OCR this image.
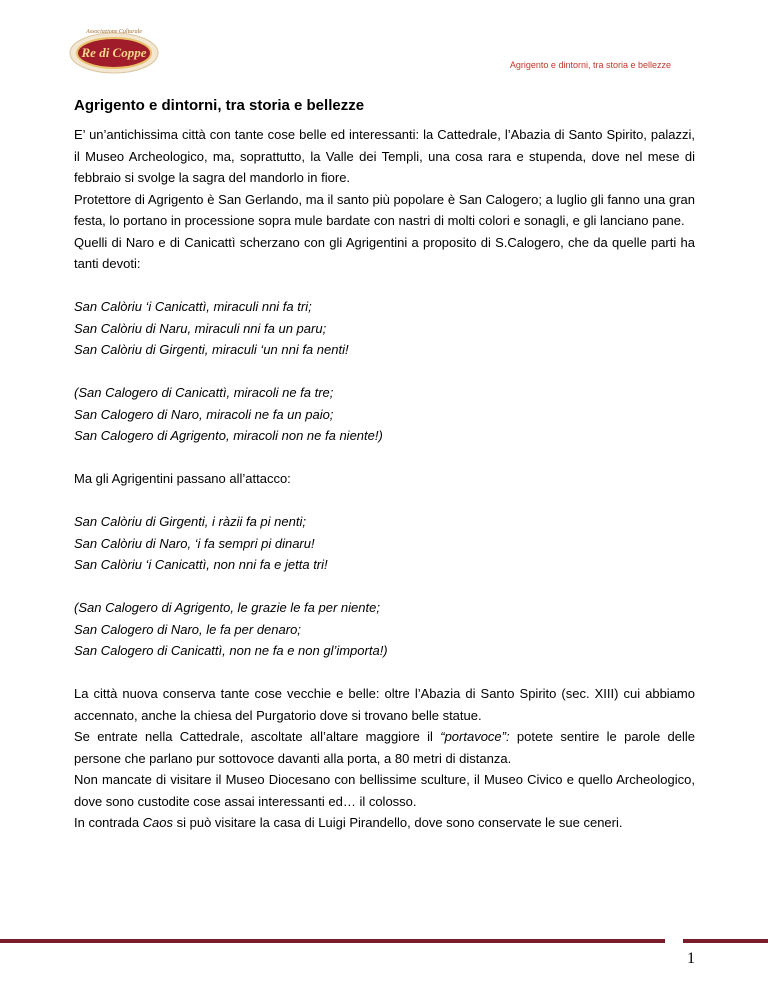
Re di Coppe
Associazione Culturale
Agrigento e dintorni, tra storia e bellezze
Agrigento e dintorni, tra storia e bellezze

E’ un’antichissima città con tante cose belle ed interessanti: la Cattedrale, l’Abazia di Santo Spirito, palazzi, il Museo Archeologico, ma, soprattutto, la Valle dei Templi, una cosa rara e stupenda, dove nel mese di febbraio si svolge la sagra del mandorlo in fiore.

Protettore di Agrigento è San Gerlando, ma il santo più popolare è San Calogero; a luglio gli fanno una gran festa, lo portano in processione sopra mule bardate con nastri di molti colori e sonagli, e gli lanciano pane.

Quelli di Naro e di Canicattì scherzano con gli Agrigentini a proposito di S.Calogero, che da quelle parti ha tanti devoti:

San Calòriu ‘i Canicattì, miraculi nni fa tri;

San Calòriu di Naru, miraculi nni fa un paru;

San Calòriu di Girgenti, miraculi ‘un nni fa nenti!

(San Calogero di Canicattì, miracoli ne fa tre;

San Calogero di Naro, miracoli ne fa un paio;

San Calogero di Agrigento, miracoli non ne fa niente!)

Ma gli Agrigentini passano all’attacco:

San Calòriu di Girgenti, i ràzii fa pi nenti;

San Calòriu di Naro, ‘i fa sempri pi dinaru!

San Calòriu ‘i Canicattì, non nni fa e jetta tri!

(San Calogero di Agrigento, le grazie le fa per niente;

San Calogero di Naro, le fa per denaro;

San Calogero di Canicattì, non ne fa e non gl’importa!)

La città nuova conserva tante cose vecchie e belle: oltre l’Abazia di Santo Spirito (sec. XIII) cui abbiamo accennato, anche la chiesa del Purgatorio dove si trovano belle statue.

Se entrate nella Cattedrale, ascoltate all’altare maggiore il “portavoce”: potete sentire le parole delle persone che parlano pur sottovoce davanti alla porta, a 80 metri di distanza.

Non mancate di visitare il Museo Diocesano con bellissime sculture, il Museo Civico e quello Archeologico, dove sono custodite cose assai interessanti ed… il colosso.

In contrada Caos si può visitare la casa di Luigi Pirandello, dove sono conservate le sue ceneri.

1
